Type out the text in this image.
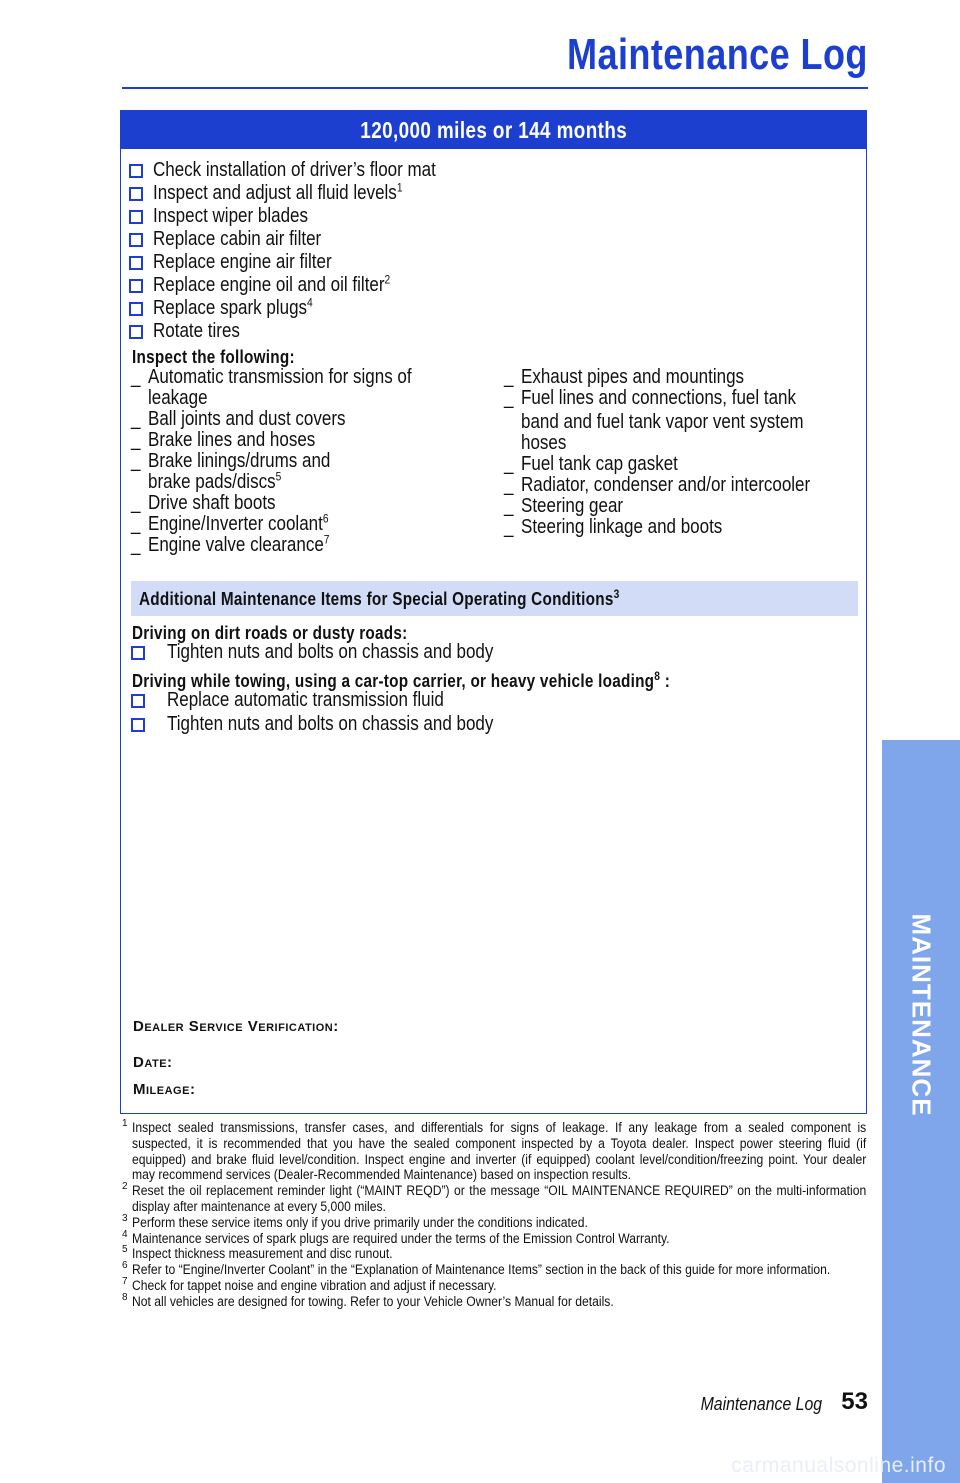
Maintenance Log
120,000 miles or 144 months
Check installation of driver’s floor mat
Inspect and adjust all fluid levels$^1$
Inspect wiper blades
Replace cabin air filter
Replace engine air filter
Replace engine oil and oil filter$^2$
Replace spark plugs$^4$
Rotate tires
Inspect the following:
_ Automatic transmission for signs of
leakage
_ Ball joints and dust covers
_ Brake lines and hoses
_ Brake linings/drums and
brake pads/discs$^5$
_ Drive shaft boots
_ Engine/Inverter coolant$^6$
_ Engine valve clearance$^7$
_ Exhaust pipes and mountings
_ Fuel lines and connections, fuel tank
band and fuel tank vapor vent system
hoses
_ Fuel tank cap gasket
_ Radiator, condenser and/or intercooler
_ Steering gear
_ Steering linkage and boots
Additional Maintenance Items for Special Operating Conditions$^3$
Driving on dirt roads or dusty roads:
Tighten nuts and bolts on chassis and body
Driving while towing, using a car-top carrier, or heavy vehicle loading$^8$ :
Replace automatic transmission fluid
Tighten nuts and bolts on chassis and body
DEALER SERVICE VERIFICATION:
DATE:
MILEAGE:
1 Inspect sealed transmissions, transfer cases, and differentials for signs of leakage. If any leakage from a sealed component is suspected, it is recommended that you have the sealed component inspected by a Toyota dealer. Inspect power steering fluid (if equipped) and brake fluid level/condition. Inspect engine and inverter (if equipped) coolant level/condition/freezing point. Your dealer may recommend services (Dealer-Recommended Maintenance) based on inspection results.
2 Reset the oil replacement reminder light (“MAINT REQD”) or the message “OIL MAINTENANCE REQUIRED” on the multi-information display after maintenance at every 5,000 miles.
3 Perform these service items only if you drive primarily under the conditions indicated.
4 Maintenance services of spark plugs are required under the terms of the Emission Control Warranty.
5 Inspect thickness measurement and disc runout.
6 Refer to “Engine/Inverter Coolant” in the “Explanation of Maintenance Items” section in the back of this guide for more information.
7 Check for tappet noise and engine vibration and adjust if necessary.
8 Not all vehicles are designed for towing. Refer to your Vehicle Owner’s Manual for details.
Maintenance Log 53
MAINTENANCE
carmanualsonline.info
